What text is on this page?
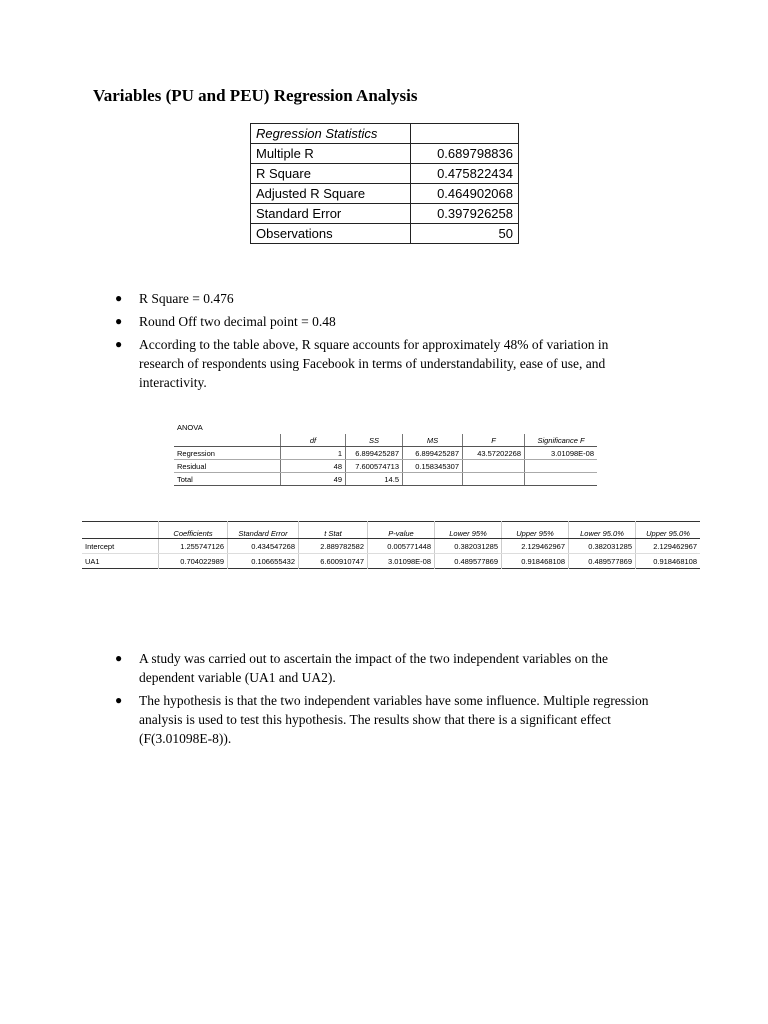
Variables (PU and PEU) Regression Analysis
Regression Statistics	
Multiple R	0.689798836
R Square	0.475822434
Adjusted R Square	0.464902068
Standard Error	0.397926258
Observations	50
● R Square = 0.476
● Round Off two decimal point = 0.48
● According to the table above, R square accounts for approximately 48% of variation in research of respondents using Facebook in terms of understandability, ease of use, and interactivity.
ANOVA					
	df	SS	MS	F	Significance F
Regression	1	6.899425287	6.899425287	43.57202268	3.01098E-08
Residual	48	7.600574713	0.158345307		
Total	49	14.5			
	Coefficients	Standard Error	t Stat	P-value	Lower 95%	Upper 95%	Lower 95.0%	Upper 95.0%
Intercept	1.255747126	0.434547268	2.889782582	0.005771448	0.382031285	2.129462967	0.382031285	2.129462967
UA1	0.704022989	0.106655432	6.600910747	3.01098E-08	0.489577869	0.918468108	0.489577869	0.918468108
● A study was carried out to ascertain the impact of the two independent variables on the dependent variable (UA1 and UA2).
● The hypothesis is that the two independent variables have some influence. Multiple regression analysis is used to test this hypothesis. The results show that there is a significant effect (F(3.01098E-8)).
